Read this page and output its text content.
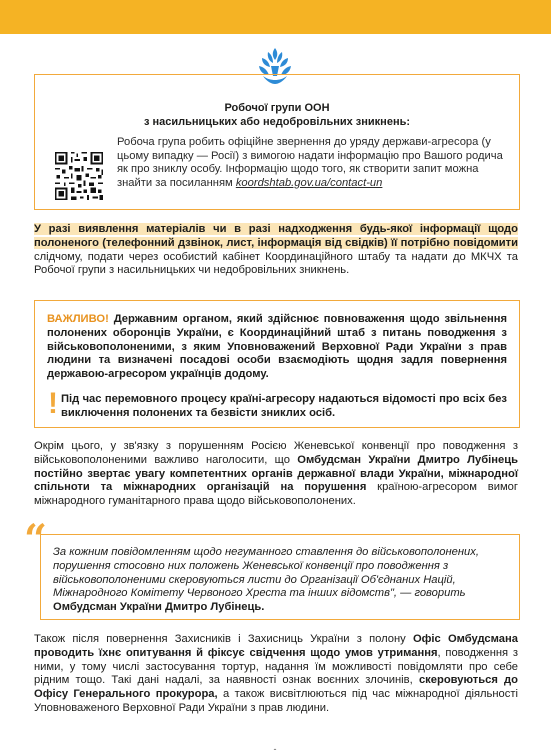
Робочої групи ООН
з насильницьких або недобровільних зникнень:
Робоча група робить офіційне звернення до уряду держави-агресора (у цьому випадку — Росії) з вимогою надати інформацію про Вашого родича як про зниклу особу. Інформацію щодо того, як створити запит можна знайти за посиланням koordshtab.gov.ua/contact-un
У разі виявлення матеріалів чи в разі надходження будь-якої інформації щодо полоненого (телефонний дзвінок, лист, інформація від свідків) її потрібно повідомити слідчому, подати через особистий кабінет Координаційного штабу та надати до МКЧХ та Робочої групи з насильницьких чи недобровільних зникнень.
ВАЖЛИВО! Державним органом, який здійснює повноваження щодо звільнення полонених оборонців України, є Координаційний штаб з питань поводження з військовополоненими, з яким Уповноважений Верховної Ради України з прав людини та визначені посадові особи взаємодіють щодня задля повернення державою-агресором українців додому.
! Під час перемовного процесу країні-агресору надаються відомості про всіх без виключення полонених та безвісти зниклих осіб.
Окрім цього, у зв'язку з порушенням Росією Женевської конвенції про поводження з військовополоненими важливо наголосити, що Омбудсман України Дмитро Лубінець постійно звертає увагу компетентних органів державної влади України, міжнародної спільноти та міжнародних організацій на порушення країною-агресором вимог міжнародного гуманітарного права щодо військовополонених.
“ За кожним повідомленням щодо негуманного ставлення до військовополонених, порушення стосовно них положень Женевської конвенції про поводження з військовополоненими скеровуються листи до Організації Об'єднаних Націй, Міжнародного Комітету Червоного Хреста та інших відомств", — говорить Омбудсман України Дмитро Лубінець.
Також після повернення Захисників і Захисниць України з полону Офіс Омбудсмана проводить їхнє опитування й фіксує свідчення щодо умов утримання, поводження з ними, у тому числі застосування тортур, надання їм можливості повідомляти про себе рідним тощо. Такі дані надалі, за наявності ознак воєнних злочинів, скеровуються до Офісу Генерального прокурора, а також висвітлюються під час міжнародної діяльності Уповноваженого Верховної Ради України з прав людини.
-
